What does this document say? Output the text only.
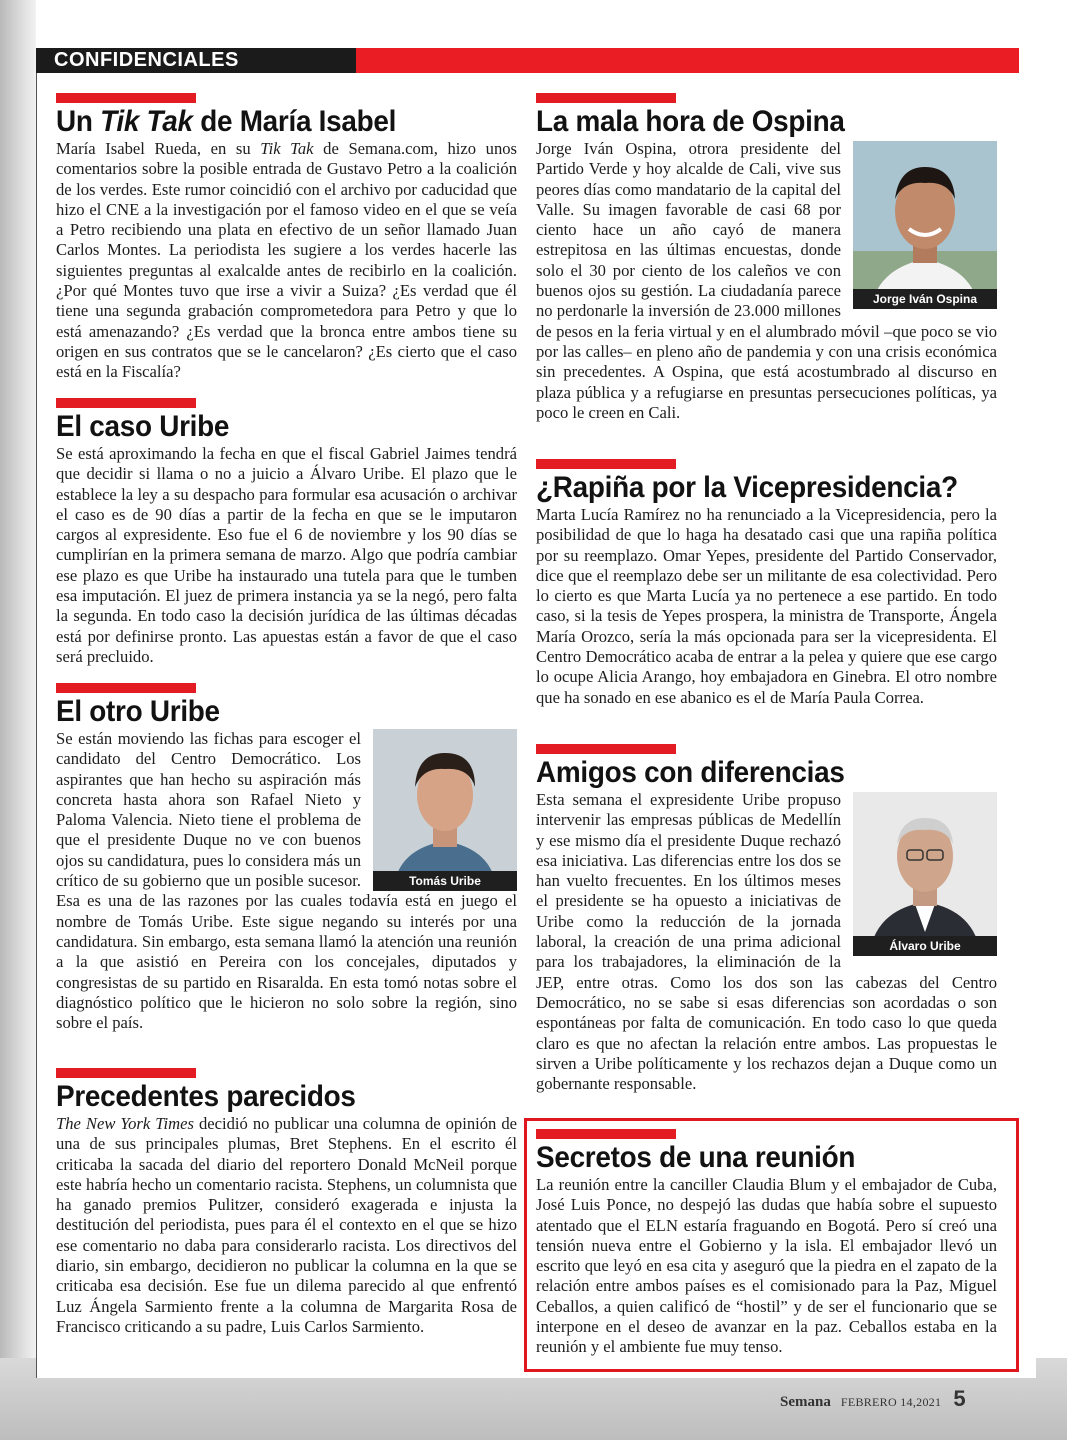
CONFIDENCIALES
Un Tik Tak de María Isabel

María Isabel Rueda, en su Tik Tak de Semana.com, hizo unos comentarios sobre la posible entrada de Gustavo Petro a la coalición de los verdes. Este rumor coincidió con el archivo por caducidad que hizo el CNE a la investigación por el famoso video en el que se veía a Petro recibiendo una plata en efectivo de un señor llamado Juan Carlos Montes. La periodista les sugiere a los verdes hacerle las siguientes preguntas al exalcalde antes de recibirlo en la coalición. ¿Por qué Montes tuvo que irse a vivir a Suiza? ¿Es verdad que él tiene una segunda grabación comprometedora para Petro y que lo está amenazando? ¿Es verdad que la bronca entre ambos tiene su origen en sus contratos que se le cancelaron? ¿Es cierto que el caso está en la Fiscalía?

El caso Uribe

Se está aproximando la fecha en que el fiscal Gabriel Jaimes tendrá que decidir si llama o no a juicio a Álvaro Uribe. El plazo que le establece la ley a su despacho para formular esa acusación o archivar el caso es de 90 días a partir de la fecha en que se le imputaron cargos al expresidente. Eso fue el 6 de noviembre y los 90 días se cumplirían en la primera semana de marzo. Algo que podría cambiar ese plazo es que Uribe ha instaurado una tutela para que le tumben esa imputación. El juez de primera instancia ya se la negó, pero falta la segunda. En todo caso la decisión jurídica de las últimas décadas está por definirse pronto. Las apuestas están a favor de que el caso será precluido.

El otro Uribe
Tomás Uribe

Se están moviendo las fichas para escoger el candidato del Centro Democrático. Los aspirantes que han hecho su aspiración más concreta hasta ahora son Rafael Nieto y Paloma Valencia. Nieto tiene el problema de que el presidente Duque no ve con buenos ojos su candidatura, pues lo considera más un crítico de su gobierno que un posible sucesor. Esa es una de las razones por las cuales todavía está en juego el nombre de Tomás Uribe. Este sigue negando su interés por una candidatura. Sin embargo, esta semana llamó la atención una reunión a la que asistió en Pereira con los concejales, diputados y congresistas de su partido en Risaralda. En esta tomó notas sobre el diagnóstico político que le hicieron no solo sobre la región, sino sobre el país.

Precedentes parecidos

The New York Times decidió no publicar una columna de opinión de una de sus principales plumas, Bret Stephens. En el escrito él criticaba la sacada del diario del reportero Donald McNeil porque este habría hecho un comentario racista. Stephens, un columnista que ha ganado premios Pulitzer, consideró exagerada e injusta la destitución del periodista, pues para él el contexto en el que se hizo ese comentario no daba para considerarlo racista. Los directivos del diario, sin embargo, decidieron no publicar la columna en la que se criticaba esa decisión. Ese fue un dilema parecido al que enfrentó Luz Ángela Sarmiento frente a la columna de Margarita Rosa de Francisco criticando a su padre, Luis Carlos Sarmiento.

La mala hora de Ospina
Jorge Iván Ospina

Jorge Iván Ospina, otrora presidente del Partido Verde y hoy alcalde de Cali, vive sus peores días como mandatario de la capital del Valle. Su imagen favorable de casi 68 por ciento hace un año cayó de manera estrepitosa en las últimas encuestas, donde solo el 30 por ciento de los caleños ve con buenos ojos su gestión. La ciudadanía parece no perdonarle la inversión de 23.000 millones de pesos en la feria virtual y en el alumbrado móvil –que poco se vio por las calles– en pleno año de pandemia y con una crisis económica sin precedentes. A Ospina, que está acostumbrado al discurso en plaza pública y a refugiarse en presuntas persecuciones políticas, ya poco le creen en Cali.

¿Rapiña por la Vicepresidencia?

Marta Lucía Ramírez no ha renunciado a la Vicepresidencia, pero la posibilidad de que lo haga ha desatado casi que una rapiña política por su reemplazo. Omar Yepes, presidente del Partido Conservador, dice que el reemplazo debe ser un militante de esa colectividad. Pero lo cierto es que Marta Lucía ya no pertenece a ese partido. En todo caso, si la tesis de Yepes prospera, la ministra de Transporte, Ángela María Orozco, sería la más opcionada para ser la vicepresidenta. El Centro Democrático acaba de entrar a la pelea y quiere que ese cargo lo ocupe Alicia Arango, hoy embajadora en Ginebra. El otro nombre que ha sonado en ese abanico es el de María Paula Correa.

Amigos con diferencias
Álvaro Uribe

Esta semana el expresidente Uribe propuso intervenir las empresas públicas de Medellín y ese mismo día el presidente Duque rechazó esa iniciativa. Las diferencias entre los dos se han vuelto frecuentes. En los últimos meses el presidente se ha opuesto a iniciativas de Uribe como la reducción de la jornada laboral, la creación de una prima adicional para los trabajadores, la eliminación de la JEP, entre otras. Como los dos son las cabezas del Centro Democrático, no se sabe si esas diferencias son acordadas o son espontáneas por falta de comunicación. En todo caso lo que queda claro es que no afectan la relación entre ambos. Las propuestas le sirven a Uribe políticamente y los rechazos dejan a Duque como un gobernante responsable.

Secretos de una reunión

La reunión entre la canciller Claudia Blum y el embajador de Cuba, José Luis Ponce, no despejó las dudas que había sobre el supuesto atentado que el ELN estaría fraguando en Bogotá. Pero sí creó una tensión nueva entre el Gobierno y la isla. El embajador llevó un escrito que leyó en esa cita y aseguró que la piedra en el zapato de la relación entre ambos países es el comisionado para la Paz, Miguel Ceballos, a quien calificó de “hostil” y de ser el funcionario que se interpone en el deseo de avanzar en la paz. Ceballos estaba en la reunión y el ambiente fue muy tenso.

Semana FEBRERO 14,2021 5
